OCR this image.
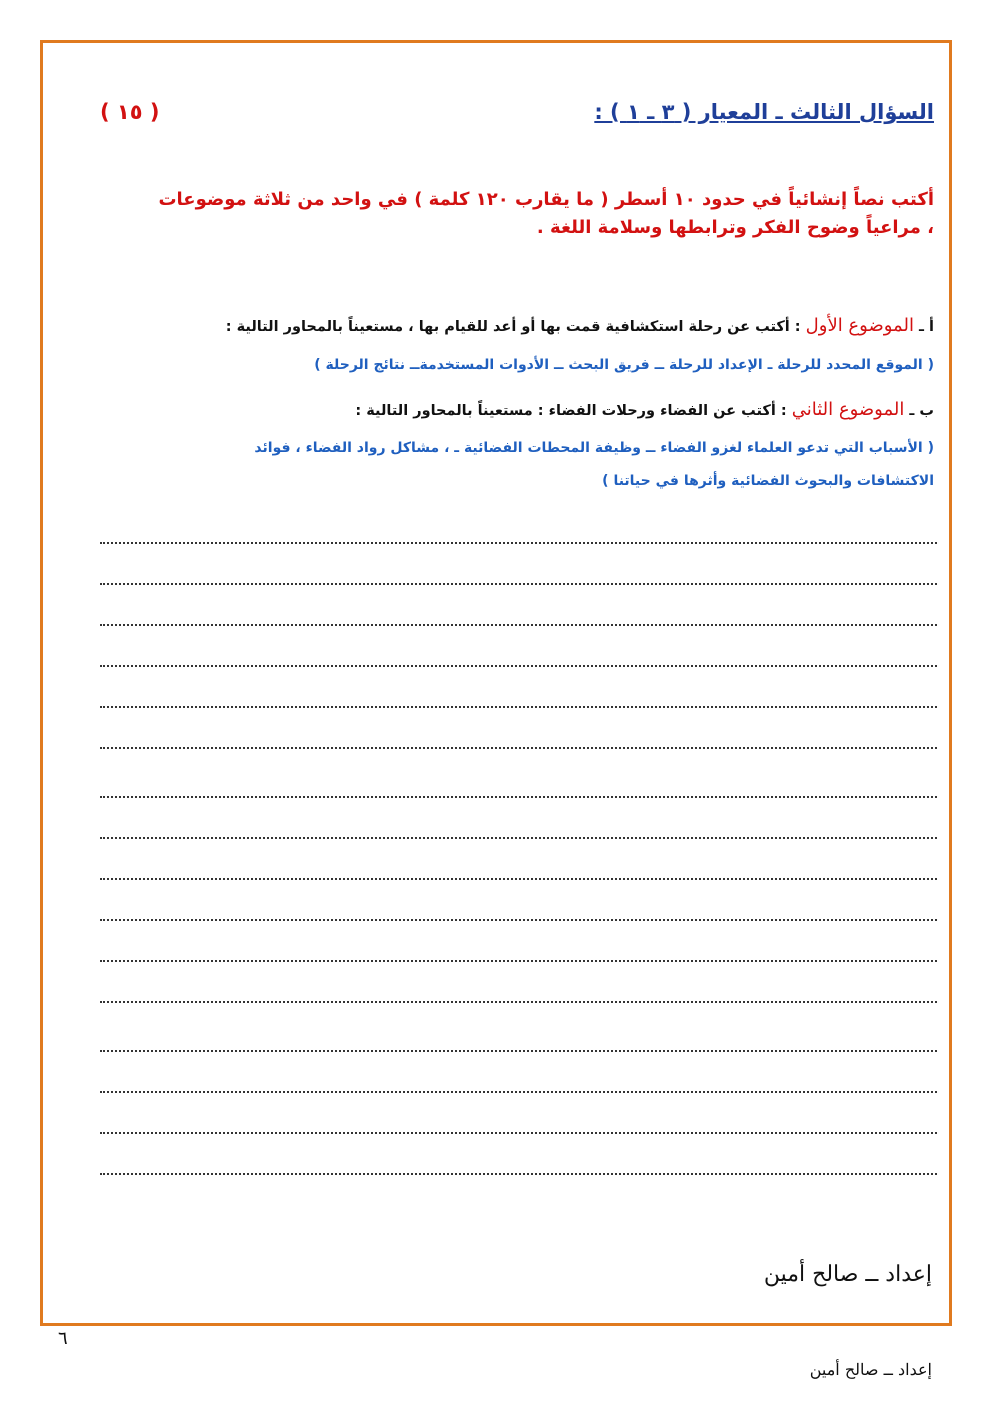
السؤال الثالث ـ المعيار ( ٣ ـ ١ ) :
( ١٥ )
أكتب نصاً إنشائياً في حدود ١٠ أسطر ( ما يقارب ١٢٠ كلمة ) في واحد من ثلاثة موضوعات ، مراعياً وضوح الفكر وترابطها وسلامة اللغة .
أ ـ الموضوع الأول : أكتب عن رحلة استكشافية قمت بها أو أعد للقيام بها ، مستعيناً بالمحاور التالية :
( الموقع المحدد للرحلة ـ الإعداد للرحلة ــ فريق البحث ــ الأدوات المستخدمةــ نتائج الرحلة )
ب ـ الموضوع الثاني : أكتب عن الفضاء ورحلات الفضاء : مستعيناً بالمحاور التالية :
( الأسباب التي تدعو العلماء لغزو الفضاء ــ وظيفة المحطات الفضائية ـ ، مشاكل رواد الفضاء ، فوائد
الاكتشافات والبحوث الفضائية وأثرها في حياتنا )
إعداد ــ صالح أمين
٦
إعداد ــ صالح أمين
